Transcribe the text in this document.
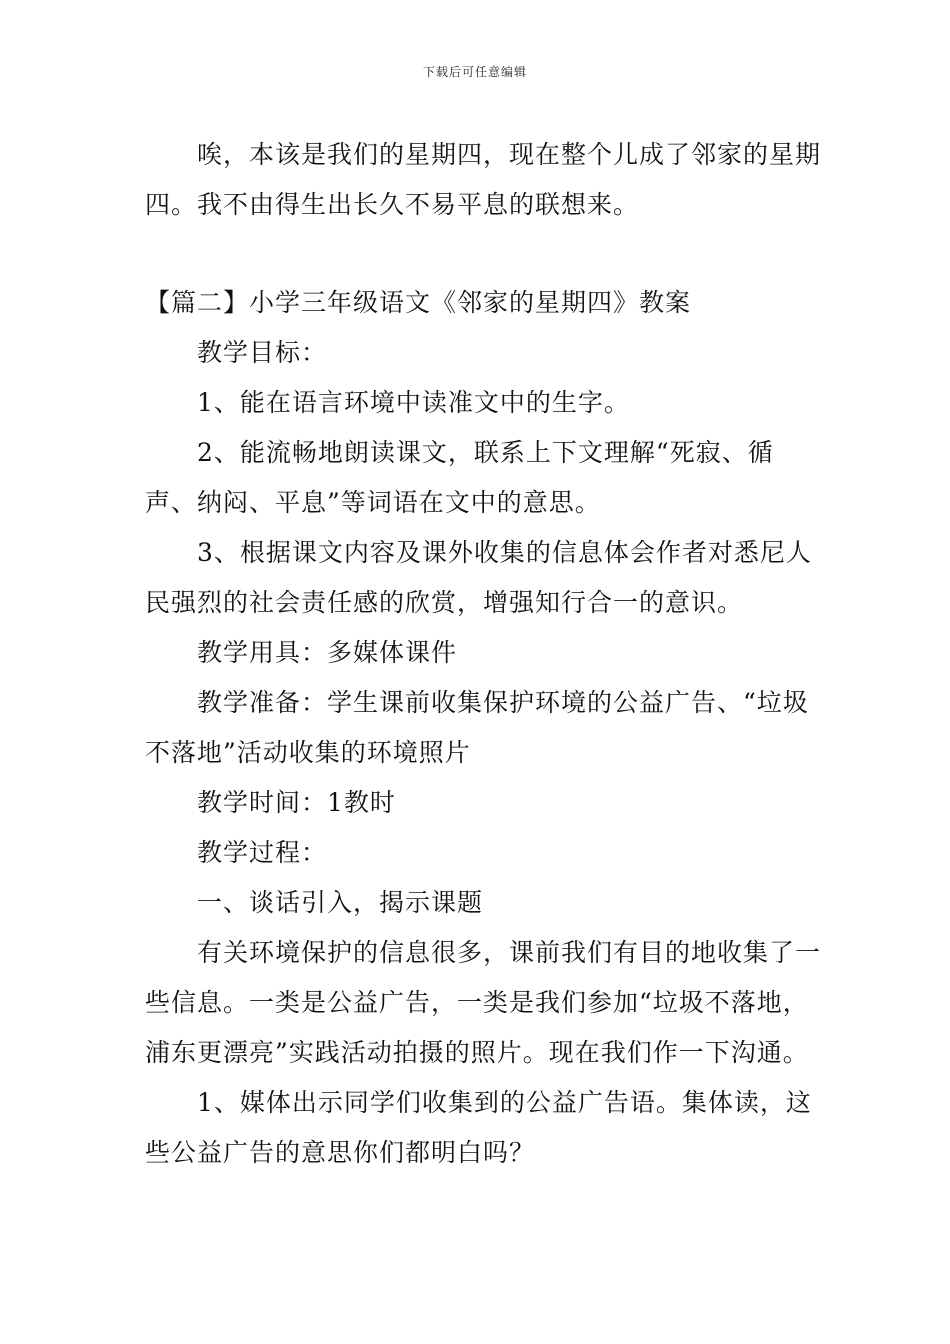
下载后可任意编辑

唉，本该是我们的星期四，现在整个儿成了邻家的星期四。我不由得生出长久不易平息的联想来。

【篇二】小学三年级语文《邻家的星期四》教案

教学目标：

1、能在语言环境中读准文中的生字。

2、能流畅地朗读课文，联系上下文理解“死寂、循声、纳闷、平息”等词语在文中的意思。

3、根据课文内容及课外收集的信息体会作者对悉尼人民强烈的社会责任感的欣赏，增强知行合一的意识。

教学用具：多媒体课件

教学准备：学生课前收集保护环境的公益广告、“垃圾不落地”活动收集的环境照片

教学时间：1教时

教学过程：

一、谈话引入，揭示课题

有关环境保护的信息很多，课前我们有目的地收集了一些信息。一类是公益广告，一类是我们参加“垃圾不落地，浦东更漂亮”实践活动拍摄的照片。现在我们作一下沟通。

1、媒体出示同学们收集到的公益广告语。集体读，这些公益广告的意思你们都明白吗？
